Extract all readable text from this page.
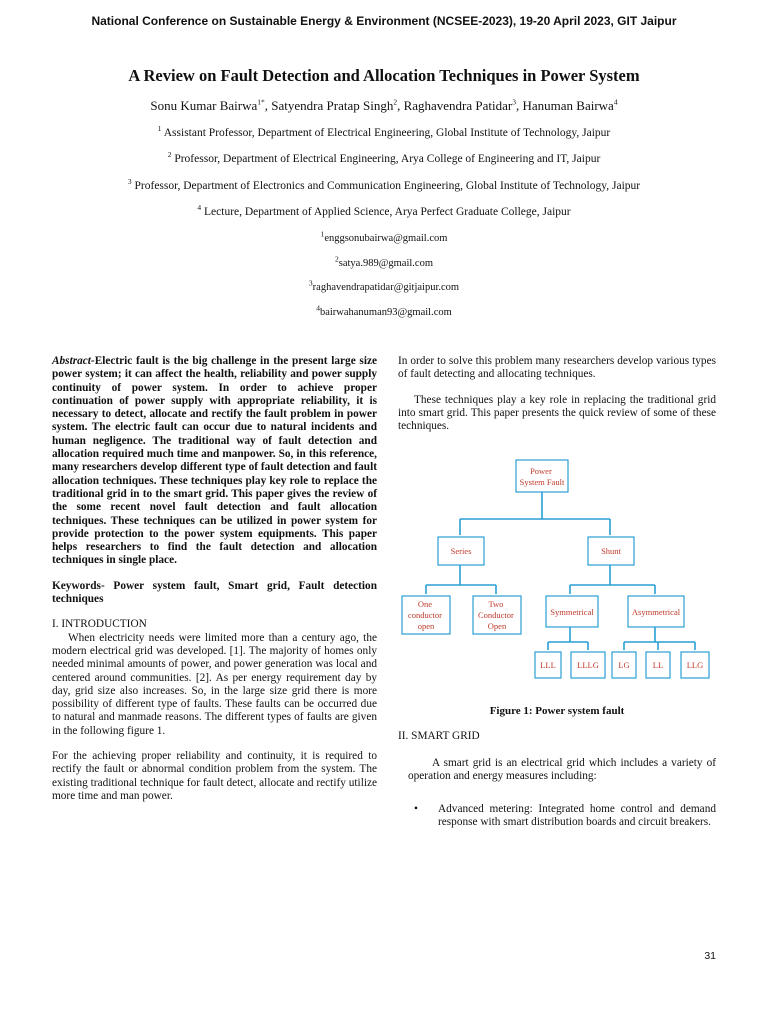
National Conference on Sustainable Energy & Environment (NCSEE-2023), 19-20 April 2023, GIT Jaipur
A Review on Fault Detection and Allocation Techniques in Power System
Sonu Kumar Bairwa$^{1*}$, Satyendra Pratap Singh$^2$, Raghavendra Patidar$^3$, Hanuman Bairwa$^4$
$^1$ Assistant Professor, Department of Electrical Engineering, Global Institute of Technology, Jaipur
$^2$ Professor, Department of Electrical Engineering, Arya College of Engineering and IT, Jaipur
$^3$ Professor, Department of Electronics and Communication Engineering, Global Institute of Technology, Jaipur
$^4$ Lecture, Department of Applied Science, Arya Perfect Graduate College, Jaipur
$^1$enggsonubairwa@gmail.com
$^2$satya.989@gmail.com
$^3$raghavendrapatidar@gitjaipur.com
$^4$bairwahanuman93@gmail.com

Abstract-Electric fault is the big challenge in the present large size power system; it can affect the health, reliability and power supply continuity of power system. In order to achieve proper continuation of power supply with appropriate reliability, it is necessary to detect, allocate and rectify the fault problem in power system. The electric fault can occur due to natural incidents and human negligence. The traditional way of fault detection and allocation required much time and manpower. So, in this reference, many researchers develop different type of fault detection and fault allocation techniques. These techniques play key role to replace the traditional grid in to the smart grid. This paper gives the review of the some recent novel fault detection and fault allocation techniques. These techniques can be utilized in power system for provide protection to the power system equipments. This paper helps researchers to find the fault detection and allocation techniques in single place.

Keywords- Power system fault, Smart grid, Fault detection techniques

I. INTRODUCTION

When electricity needs were limited more than a century ago, the modern electrical grid was developed. [1]. The majority of homes only needed minimal amounts of power, and power generation was local and centered around communities. [2]. As per energy requirement day by day, grid size also increases. So, in the large size grid there is more possibility of different type of faults. These faults can be occurred due to natural and manmade reasons. The different types of faults are given in the following figure 1.

For the achieving proper reliability and continuity, it is required to rectify the fault or abnormal condition problem from the system. The existing traditional technique for fault detect, allocate and rectify utilize more time and man power.

In order to solve this problem many researchers develop various types of fault detecting and allocating techniques.

These techniques play a key role in replacing the traditional grid into smart grid. This paper presents the quick review of some of these techniques.

Power System Fault
Series	Shunt
One conductor open
Two Conductor Open
Symmetrical	Asymmetrical
LLL	LLLG LG	LL	LLG
Figure 1: Power system fault
II. SMART GRID
A smart grid is an electrical grid which includes a variety of operation and energy measures including:
• Advanced metering: Integrated home control and demand response with smart distribution boards and circuit breakers.
31
